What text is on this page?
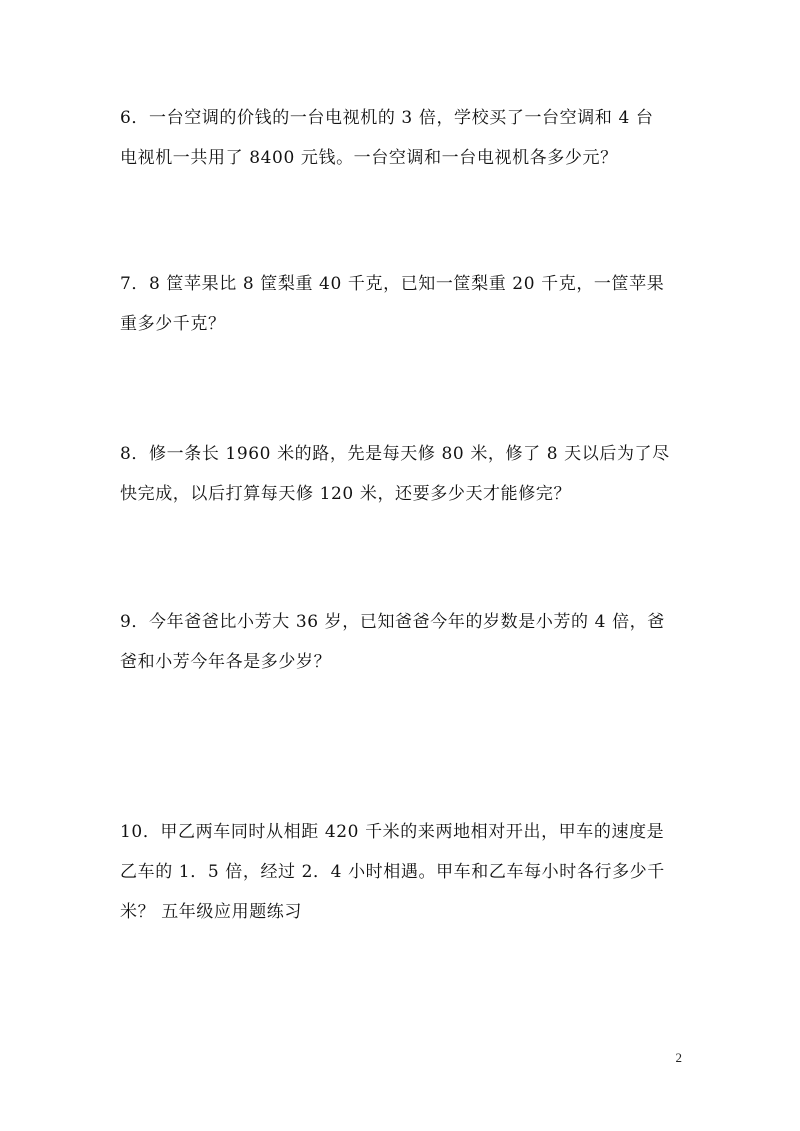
6．一台空调的价钱的一台电视机的 3 倍，学校买了一台空调和 4 台
电视机一共用了 8400 元钱。一台空调和一台电视机各多少元？
7．8 筐苹果比 8 筐梨重 40 千克，已知一筐梨重 20 千克，一筐苹果
重多少千克？
8．修一条长 1960 米的路，先是每天修 80 米，修了 8 天以后为了尽
快完成，以后打算每天修 120 米，还要多少天才能修完？
9．今年爸爸比小芳大 36 岁，已知爸爸今年的岁数是小芳的 4 倍，爸
爸和小芳今年各是多少岁？
10．甲乙两车同时从相距 420 千米的来两地相对开出，甲车的速度是
乙车的 1．5 倍，经过 2．4 小时相遇。甲车和乙车每小时各行多少千
米？ 五年级应用题练习
2
